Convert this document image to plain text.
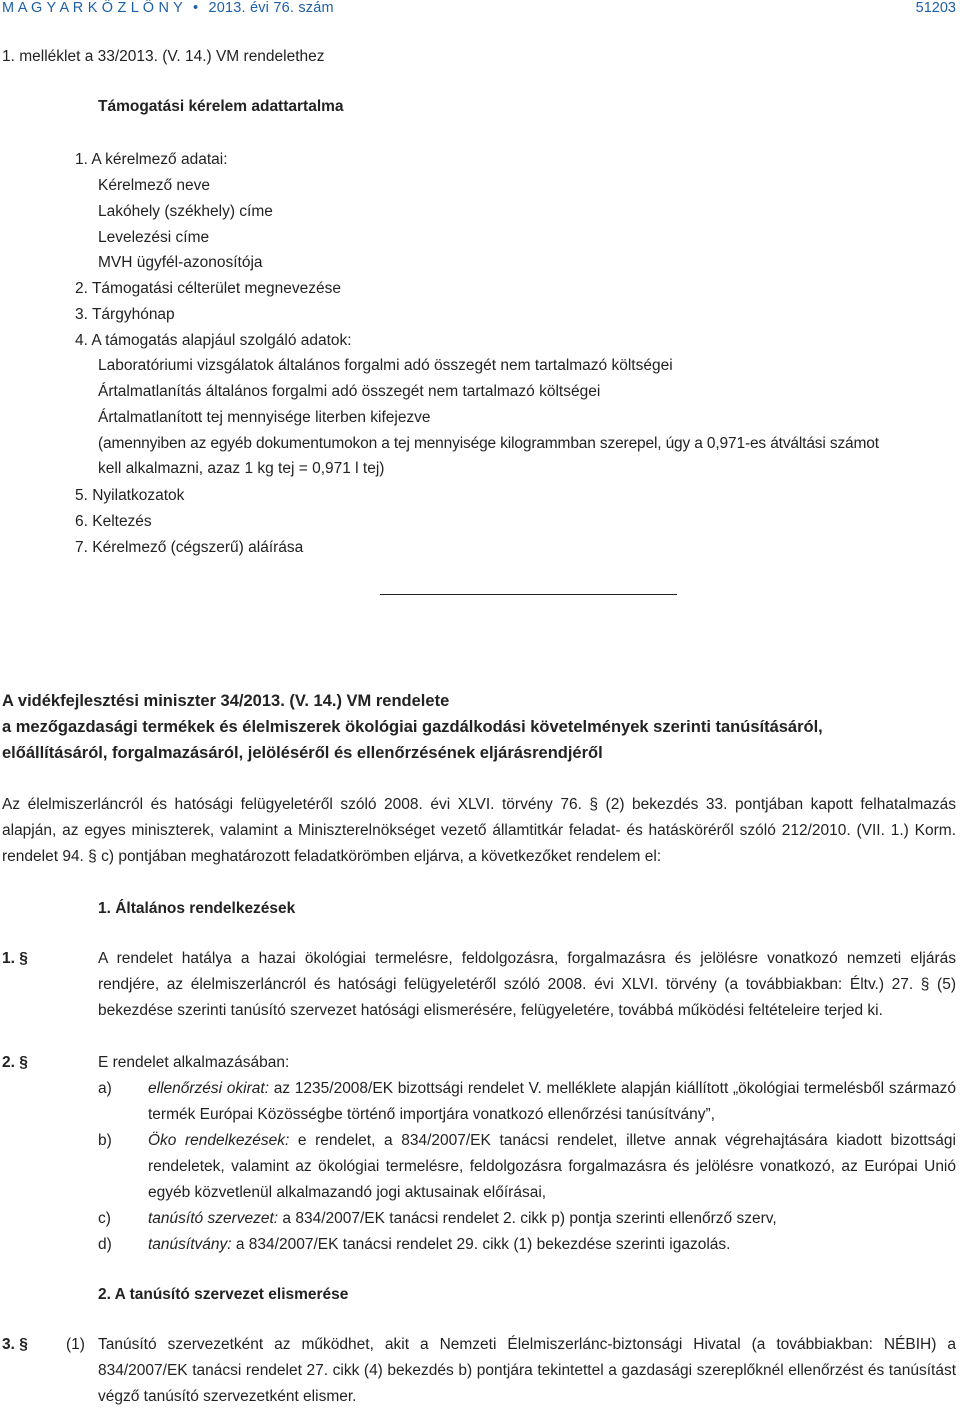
M A G Y A R K Ö Z L Ö N Y • 2013. évi 76. szám	51203
1. melléklet a 33/2013. (V. 14.) VM rendelethez
Támogatási kérelem adattartalma
1. A kérelmező adatai:
Kérelmező neve
Lakóhely (székhely) címe
Levelezési címe
MVH ügyfél-azonosítója
2. Támogatási célterület megnevezése
3. Tárgyhónap
4. A támogatás alapjául szolgáló adatok:
Laboratóriumi vizsgálatok általános forgalmi adó összegét nem tartalmazó költségei
Ártalmatlanítás általános forgalmi adó összegét nem tartalmazó költségei
Ártalmatlanított tej mennyisége literben kifejezve
(amennyiben az egyéb dokumentumokon a tej mennyisége kilogrammban szerepel, úgy a 0,971-es átváltási számot
kell alkalmazni, azaz 1 kg tej = 0,971 l tej)
5. Nyilatkozatok
6. Keltezés
7. Kérelmező (cégszerű) aláírása
A vidékfejlesztési miniszter 34/2013. (V. 14.) VM rendelete
a mezőgazdasági termékek és élelmiszerek ökológiai gazdálkodási követelmények szerinti tanúsításáról,
előállításáról, forgalmazásáról, jelöléséről és ellenőrzésének eljárásrendjéről
Az élelmiszerláncról és hatósági felügyeletéről szóló 2008. évi XLVI. törvény 76. § (2) bekezdés 33. pontjában kapott felhatalmazás alapján, az egyes miniszterek, valamint a Miniszterelnökséget vezető államtitkár feladat- és hatásköréről szóló 212/2010. (VII. 1.) Korm. rendelet 94. § c) pontjában meghatározott feladatkörömben eljárva, a következőket rendelem el:
1. Általános rendelkezések
1. §	A rendelet hatálya a hazai ökológiai termelésre, feldolgozásra, forgalmazásra és jelölésre vonatkozó nemzeti eljárás rendjére, az élelmiszerláncról és hatósági felügyeletéről szóló 2008. évi XLVI. törvény (a továbbiakban: Éltv.) 27. § (5) bekezdése szerinti tanúsító szervezet hatósági elismerésére, felügyeletére, továbbá működési feltételeire terjed ki.
2. §	E rendelet alkalmazásában:
a) ellenőrzési okirat: az 1235/2008/EK bizottsági rendelet V. melléklete alapján kiállított „ökológiai termelésből származó termék Európai Közösségbe történő importjára vonatkozó ellenőrzési tanúsítvány”,
b) Öko rendelkezések: e rendelet, a 834/2007/EK tanácsi rendelet, illetve annak végrehajtására kiadott bizottsági rendeletek, valamint az ökológiai termelésre, feldolgozásra forgalmazásra és jelölésre vonatkozó, az Európai Unió egyéb közvetlenül alkalmazandó jogi aktusainak előírásai,
c) tanúsító szervezet: a 834/2007/EK tanácsi rendelet 2. cikk p) pontja szerinti ellenőrző szerv,
d) tanúsítvány: a 834/2007/EK tanácsi rendelet 29. cikk (1) bekezdése szerinti igazolás.
2. A tanúsító szervezet elismerése
3. § (1) Tanúsító szervezetként az működhet, akit a Nemzeti Élelmiszerlánc-biztonsági Hivatal (a továbbiakban: NÉBIH) a 834/2007/EK tanácsi rendelet 27. cikk (4) bekezdés b) pontjára tekintettel a gazdasági szereplőknél ellenőrzést és tanúsítást végző tanúsító szervezetként elismer.
